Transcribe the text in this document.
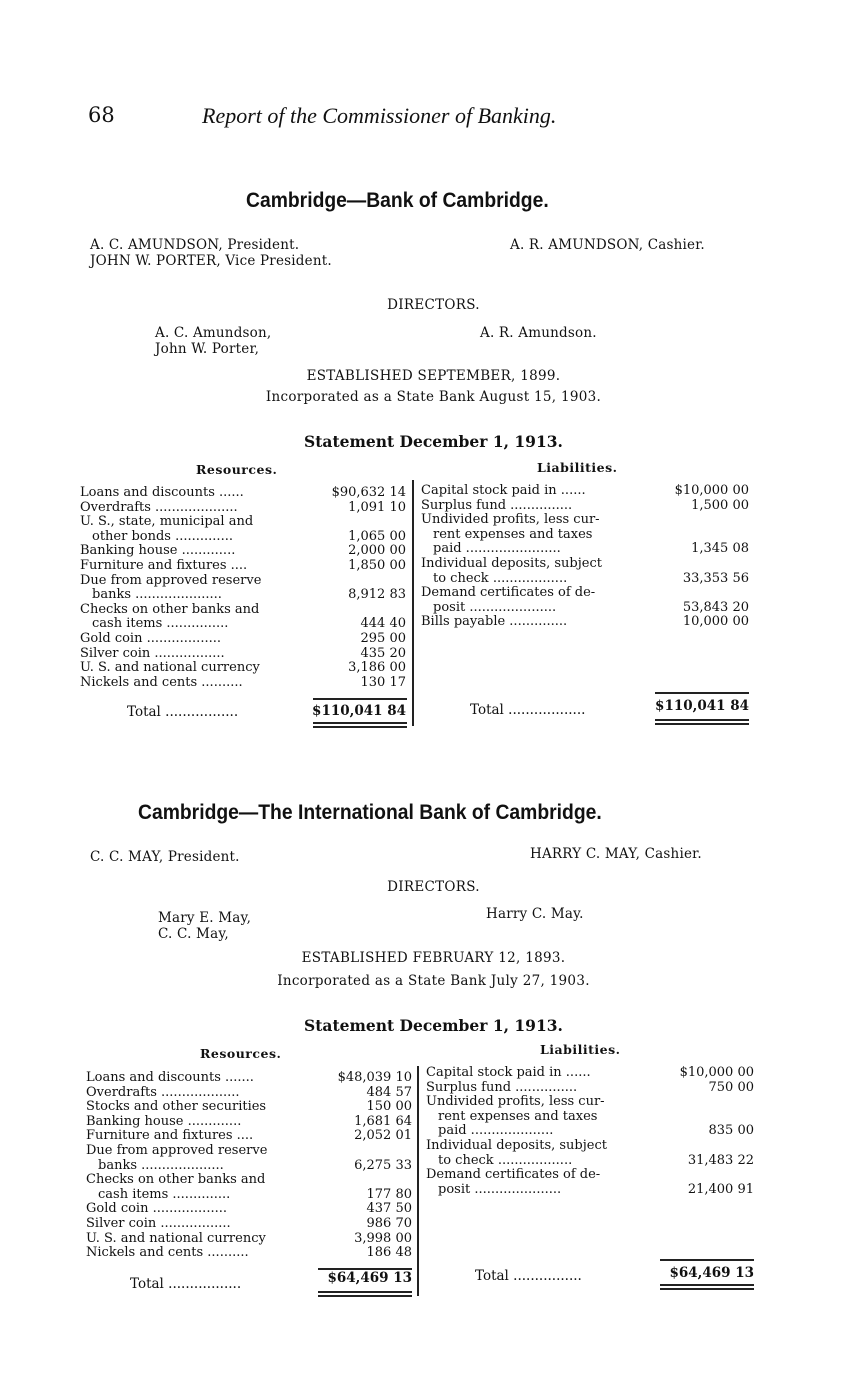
68	Report of the Commissioner of Banking.
Cambridge—Bank of Cambridge.
A. C. AMUNDSON, President.
JOHN W. PORTER, Vice President.
A. R. AMUNDSON, Cashier.
DIRECTORS.
A. C. Amundson,
John W. Porter,
A. R. Amundson.
ESTABLISHED SEPTEMBER, 1899.
Incorporated as a State Bank August 15, 1903.
Statement December 1, 1913.
Resources.	Liabilities.
Loans and discounts ......	$90,632 14
Overdrafts ....................	1,091 10
U. S., state, municipal and
other bonds ..............	1,065 00
Banking house .............	2,000 00
Furniture and fixtures ....	1,850 00
Due from approved reserve
banks .....................	8,912 83
Checks on other banks and
cash items ...............	444 40
Gold coin ..................	295 00
Silver coin .................	435 20
U. S. and national currency	3,186 00
Nickels and cents ..........	130 17
Capital stock paid in ......	$10,000 00
Surplus fund ...............	1,500 00
Undivided profits, less cur-
rent expenses and taxes
paid .......................	1,345 08
Individual deposits, subject
to check ..................	33,353 56
Demand certificates of de-
posit .....................	53,843 20
Bills payable ..............	10,000 00
Total .................	$110,041 84	Total ..................	$110,041 84
Cambridge—The International Bank of Cambridge.
C. C. MAY, President.	HARRY C. MAY, Cashier.
DIRECTORS.
Mary E. May,
C. C. May,
Harry C. May.
ESTABLISHED FEBRUARY 12, 1893.
Incorporated as a State Bank July 27, 1903.
Statement December 1, 1913.
Resources.	Liabilities.
Loans and discounts .......	$48,039 10
Overdrafts ...................	484 57
Stocks and other securities	150 00
Banking house .............	1,681 64
Furniture and fixtures ....	2,052 01
Due from approved reserve
banks ....................	6,275 33
Checks on other banks and
cash items ..............	177 80
Gold coin ..................	437 50
Silver coin .................	986 70
U. S. and national currency	3,998 00
Nickels and cents ..........	186 48
Capital stock paid in ......	$10,000 00
Surplus fund ...............	750 00
Undivided profits, less cur-
rent expenses and taxes
paid ....................	835 00
Individual deposits, subject
to check ..................	31,483 22
Demand certificates of de-
posit .....................	21,400 91
Total .................	$64,469 13	Total ................	$64,469 13
